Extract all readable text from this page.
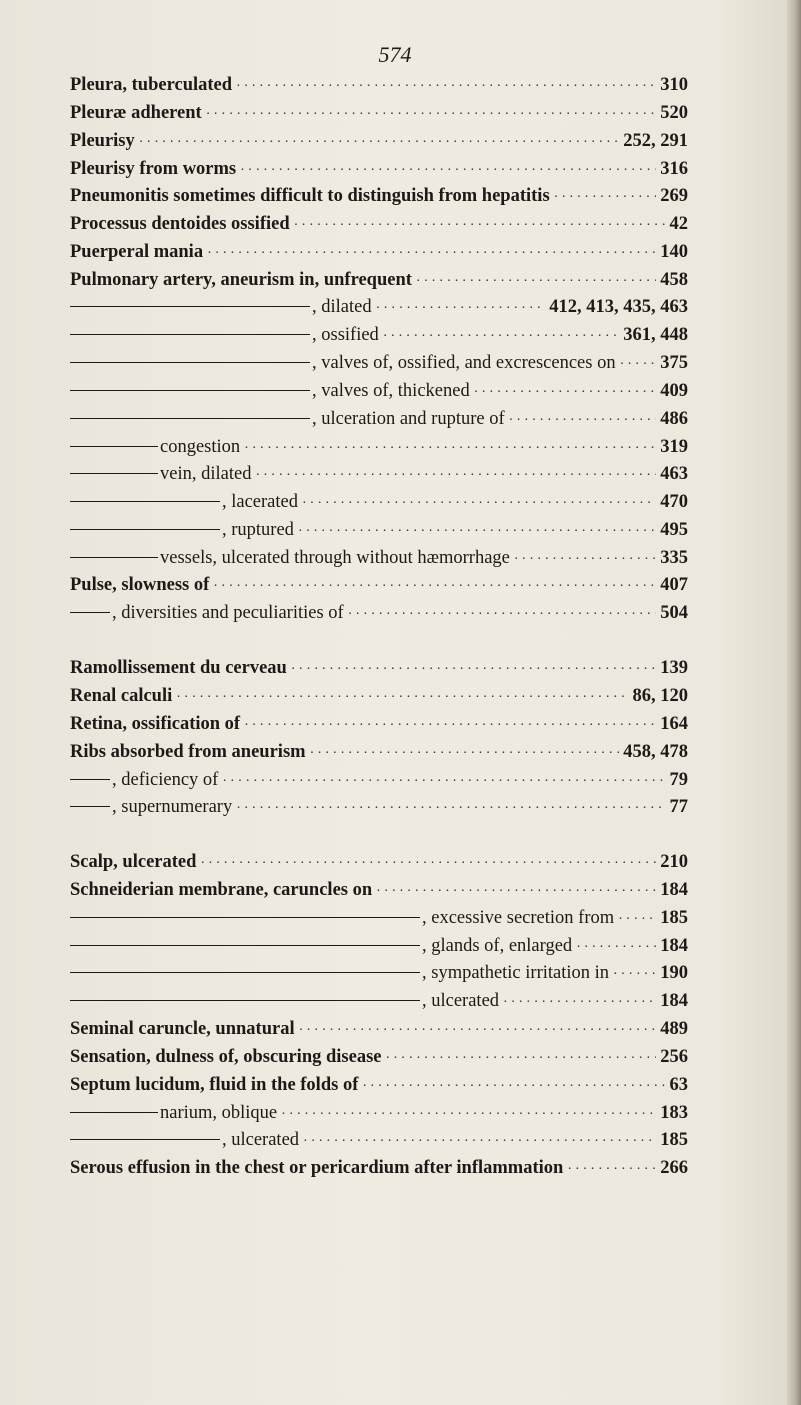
574
Pleura, tuberculated ·····	310
Pleuræ adherent ·····	520
Pleurisy ·····	252, 291
Pleurisy from worms ·····	316
Pneumonitis sometimes difficult to distinguish from hepatitis ·····	269
Processus dentoides ossified ·····	42
Puerperal mania ·····	140
Pulmonary artery, aneurism in, unfrequent ·····	458
, dilated ·····	412, 413, 435, 463
, ossified ·····	361, 448
, valves of, ossified, and excrescences on ····· 375
, valves of, thickened ·····	409
, ulceration and rupture of ·····	486
congestion ·····	319
vein, dilated ·····	463
, lacerated ·····	470
, ruptured ·····	495
vessels, ulcerated through without hæmorrhage ·····	335
Pulse, slowness of ·····	407
, diversities and peculiarities of ·····	504
Ramollissement du cerveau ·····	139
Renal calculi ·····	86, 120
Retina, ossification of ·····	164
Ribs absorbed from aneurism ·····	458, 478
, deficiency of ·····	79
, supernumerary ·····	77
Scalp, ulcerated ·····	210
Schneiderian membrane, caruncles on ·····	184
, excessive secretion from ····· 185
, glands of, enlarged ·····	184
, sympathetic irritation in ·····	190
, ulcerated ·····	184
Seminal caruncle, unnatural ·····	489
Sensation, dulness of, obscuring disease ·····	256
Septum lucidum, fluid in the folds of ·····	63
narium, oblique ·····	183
, ulcerated ·····	185
Serous effusion in the chest or pericardium after inflammation ·····	266
